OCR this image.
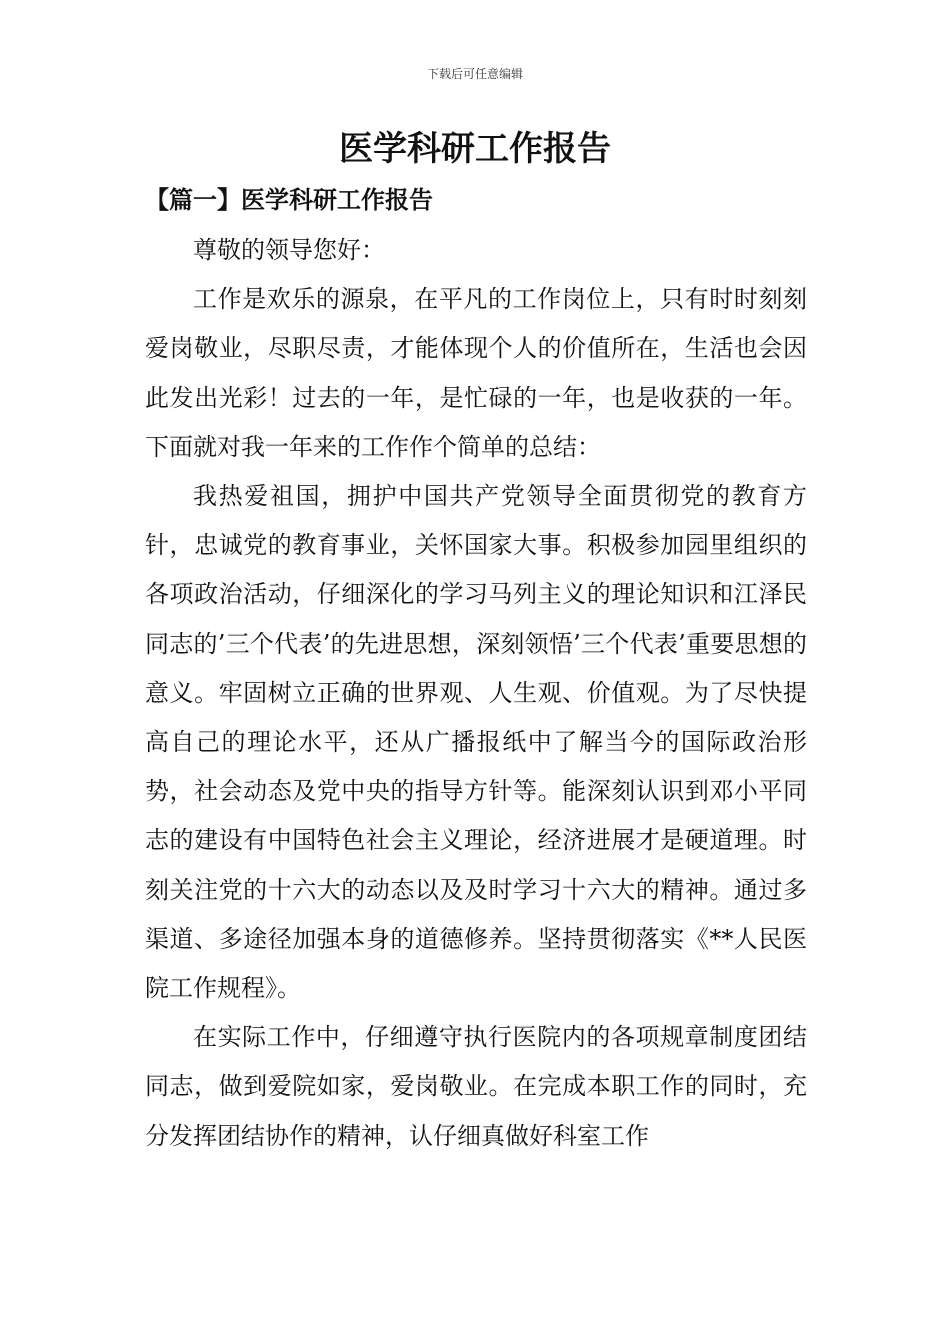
下载后可任意编辑
医学科研工作报告
【篇一】医学科研工作报告

尊敬的领导您好：

工作是欢乐的源泉，在平凡的工作岗位上，只有时时刻刻爱岗敬业，尽职尽责，才能体现个人的价值所在，生活也会因此发出光彩！过去的一年，是忙碌的一年，也是收获的一年。下面就对我一年来的工作作个简单的总结：

我热爱祖国，拥护中国共产党领导全面贯彻党的教育方针，忠诚党的教育事业，关怀国家大事。积极参加园里组织的各项政治活动，仔细深化的学习马列主义的理论知识和江泽民同志的’三个代表’的先进思想，深刻领悟’三个代表’重要思想的意义。牢固树立正确的世界观、人生观、价值观。为了尽快提高自己的理论水平，还从广播报纸中了解当今的国际政治形势，社会动态及党中央的指导方针等。能深刻认识到邓小平同志的建设有中国特色社会主义理论，经济进展才是硬道理。时刻关注党的十六大的动态以及及时学习十六大的精神。通过多渠道、多途径加强本身的道德修养。坚持贯彻落实《**人民医院工作规程》。

在实际工作中，仔细遵守执行医院内的各项规章制度团结同志，做到爱院如家，爱岗敬业。在完成本职工作的同时，充分发挥团结协作的精神，认仔细真做好科室工作
